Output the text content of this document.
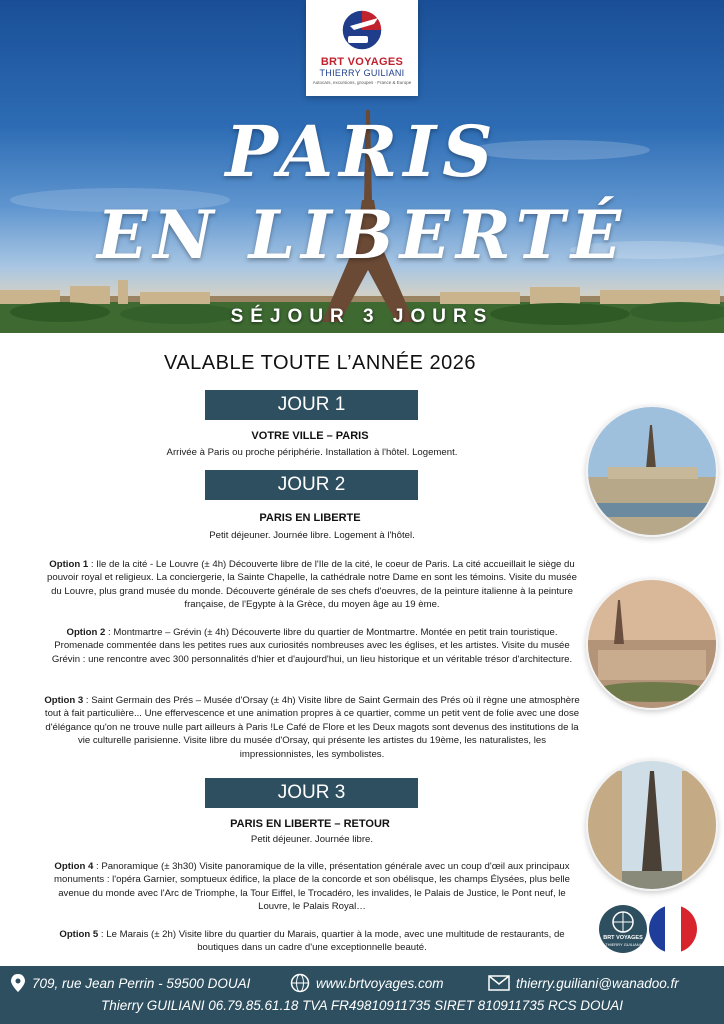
BRT VOYAGES
THIERRY GUILIANI
Autocars, excursions, groupes · France & Europe
PARIS
EN LIBERTÉ
SÉJOUR 3 JOURS
VALABLE TOUTE L’ANNÉE 2026
JOUR 1
VOTRE VILLE – PARIS
Arrivée à Paris ou proche périphérie. Installation à l'hôtel. Logement.
JOUR 2
PARIS EN LIBERTE
Petit déjeuner. Journée libre. Logement à l'hôtel.
Option 1 : Ile de la cité - Le Louvre (± 4h) Découverte libre de l'Ile de la cité, le coeur de Paris. La cité accueillait le siège du pouvoir royal et religieux. La conciergerie, la Sainte Chapelle, la cathédrale notre Dame en sont les témoins. Visite du musée du Louvre, plus grand musée du monde. Découverte générale de ses chefs d'oeuvres, de la peinture italienne à la peinture française, de l'Egypte à la Grèce, du moyen âge au 19 ème.
Option 2 : Montmartre – Grévin (± 4h) Découverte libre du quartier de Montmartre. Montée en petit train touristique. Promenade commentée dans les petites rues aux curiosités nombreuses avec les églises, et les artistes. Visite du musée Grévin : une rencontre avec 300 personnalités d'hier et d'aujourd'hui, un lieu historique et un véritable trésor d'architecture.
Option 3 : Saint Germain des Prés – Musée d'Orsay (± 4h) Visite libre de Saint Germain des Prés où il règne une atmosphère tout à fait particulière... Une effervescence et une animation propres à ce quartier, comme un petit vent de folie avec une dose d'élégance qu'on ne trouve nulle part ailleurs à Paris !Le Café de Flore et les Deux magots sont devenus des institutions de la vie culturelle parisienne. Visite libre du musée d'Orsay, qui présente les artistes du 19ème, les naturalistes, les impressionnistes, les symbolistes.
JOUR 3
PARIS EN LIBERTE – RETOUR
Petit déjeuner. Journée libre.
Option 4 : Panoramique (± 3h30) Visite panoramique de la ville, présentation générale avec un coup d'œil aux principaux monuments : l'opéra Garnier, somptueux édifice, la place de la concorde et son obélisque, les champs Élysées, plus belle avenue du monde avec l'Arc de Triomphe, la Tour Eiffel, le Trocadéro, les invalides, le Palais de Justice, le Pont neuf, le Louvre, le Palais Royal…
Option 5 : Le Marais (± 2h) Visite libre du quartier du Marais, quartier à la mode, avec une multitude de restaurants, de boutiques dans un cadre d'une exceptionnelle beauté.
BRT VOYAGES
THIERRY GUILIANI
709, rue Jean Perrin - 59500 DOUAI	www.brtvoyages.com	thierry.guiliani@wanadoo.fr
Thierry GUILIANI 06.79.85.61.18 TVA FR49810911735 SIRET 810911735 RCS DOUAI
